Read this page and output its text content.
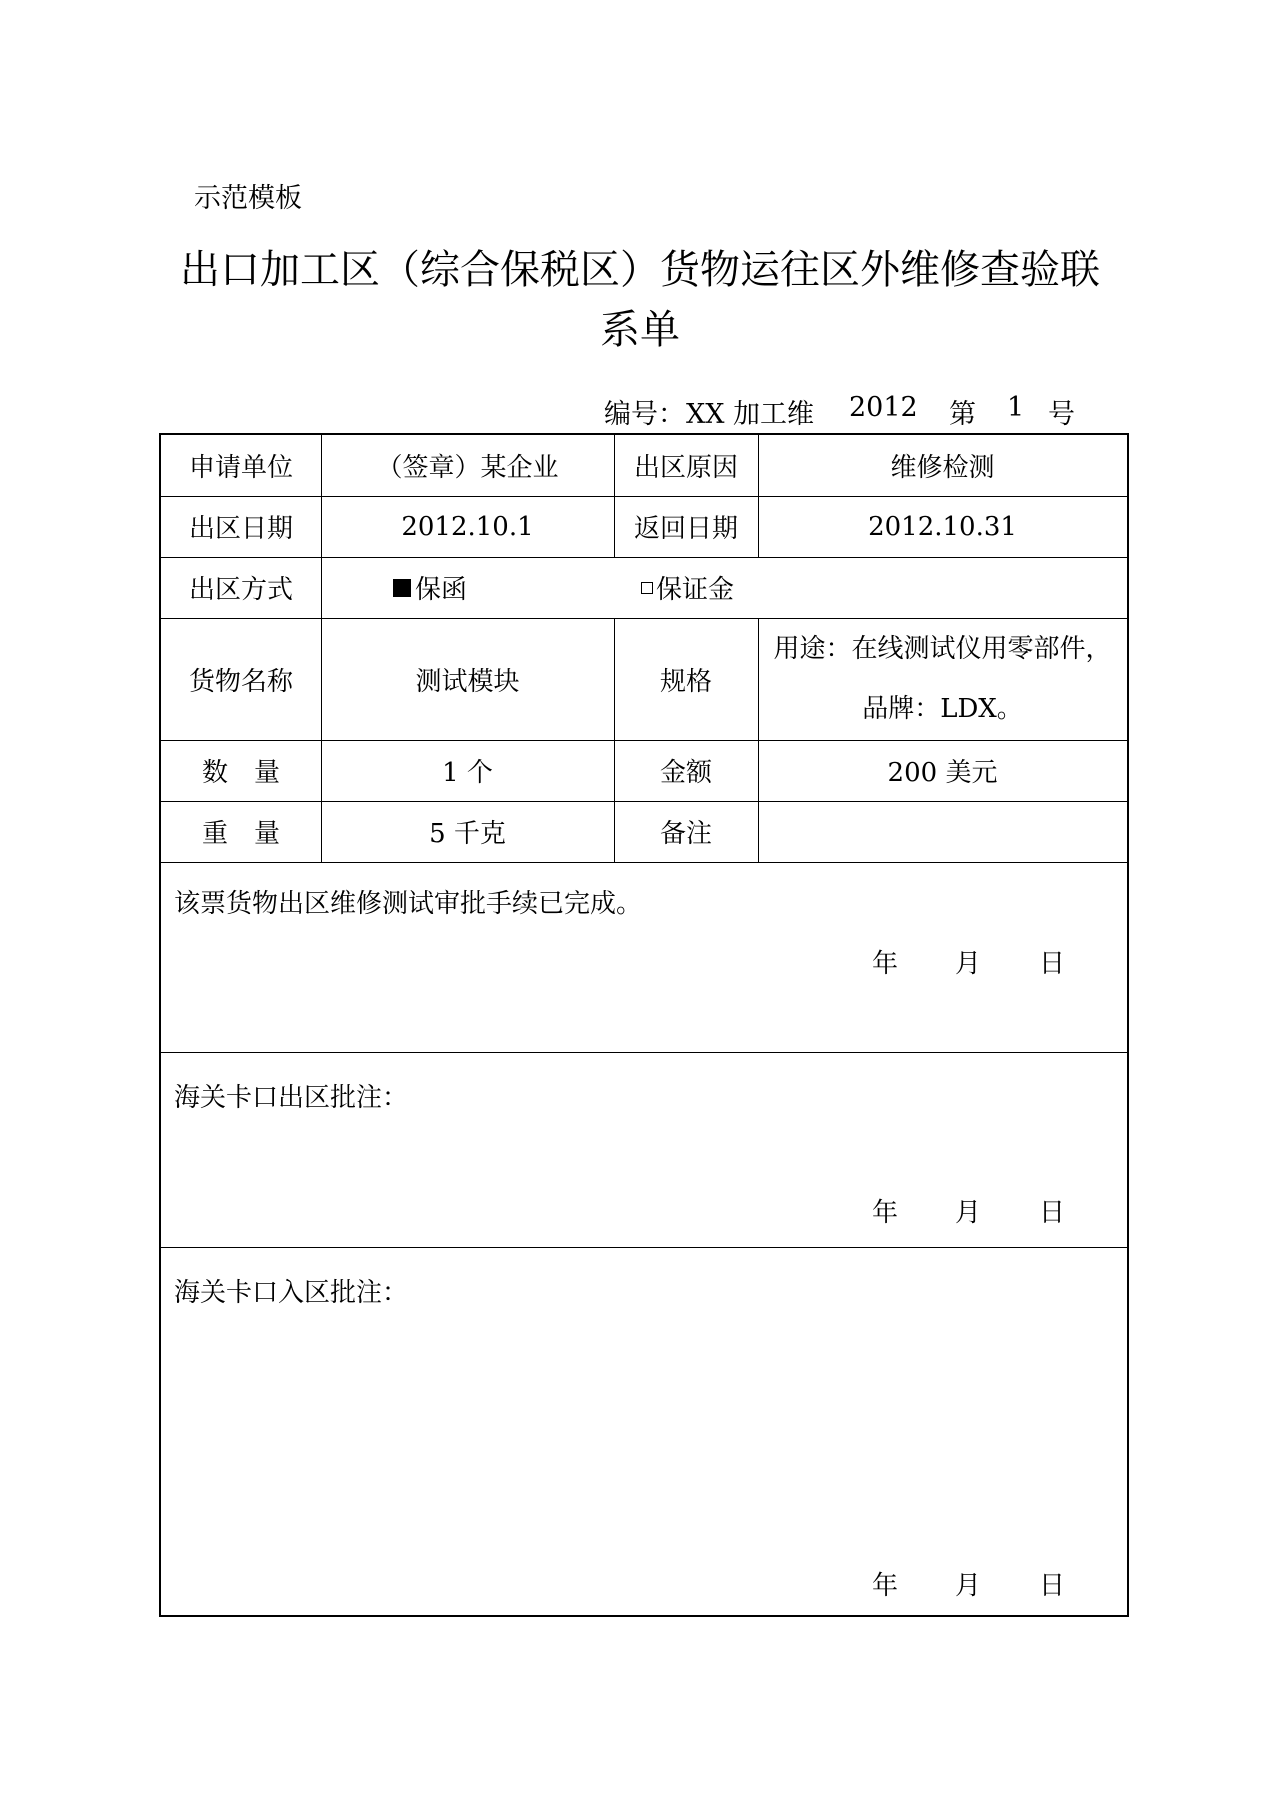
示范模板
出口加工区（综合保税区）货物运往区外维修查验联
系单
编号： XX 加工维 2012 第 1 号
申请单位	（签章）某企业	出区原因	维修检测
出区日期	2012.10.1	返回日期	2012.10.31
出区方式	保函	保证金
货物名称	测试模块	规格
用途：在线测试仪用零部件，
品牌：LDX。
数　量	1 个	金额	200 美元
重　量	5 千克	备注
该票货物出区维修测试审批手续已完成。
年 月 日
海关卡口出区批注：
年 月 日
海关卡口入区批注：
年 月 日
